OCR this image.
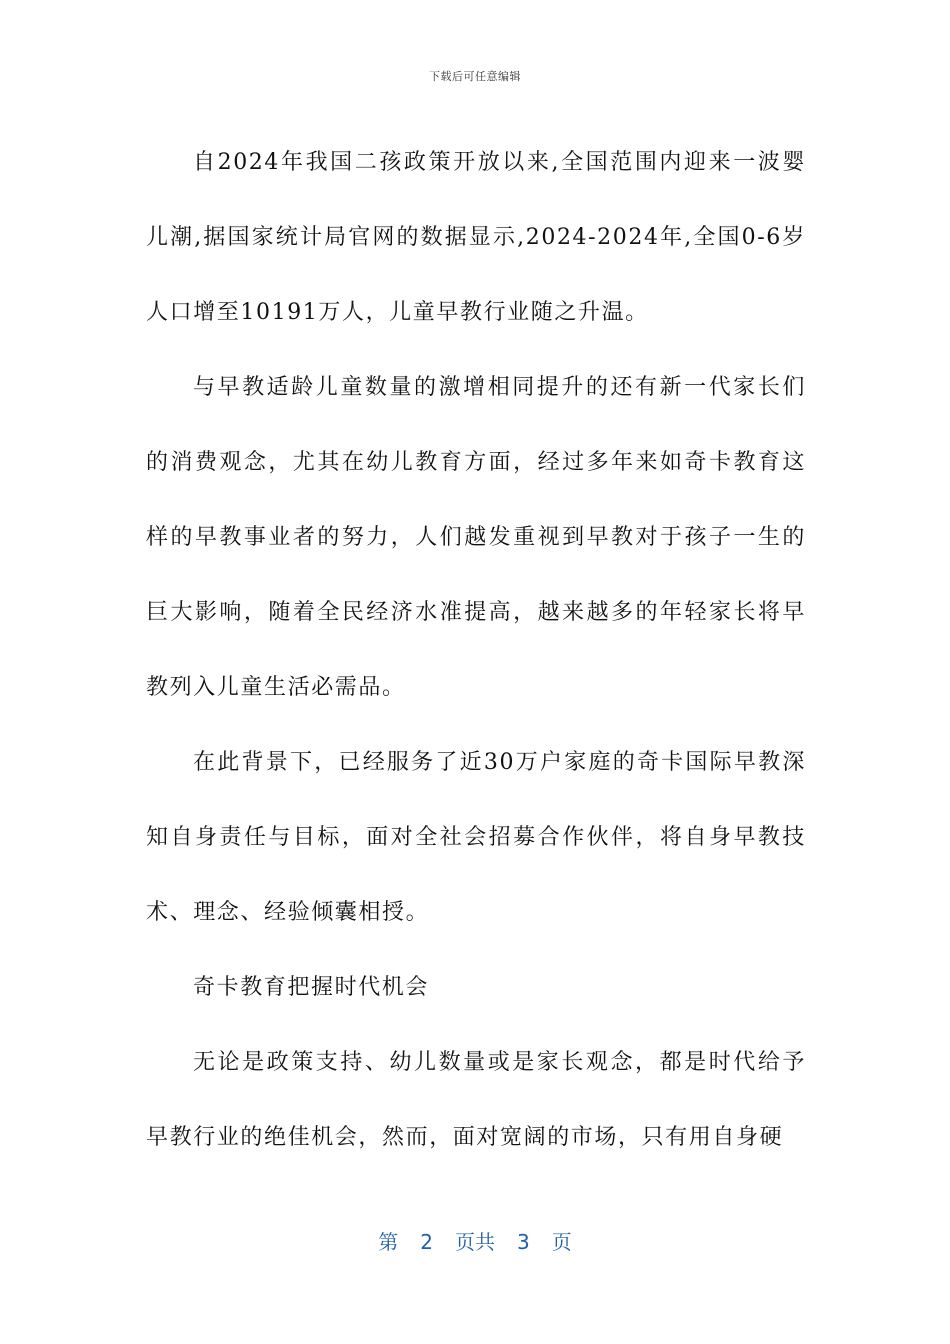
下载后可任意编辑

自2024年我国二孩政策开放以来,全国范围内迎来一波婴儿潮,据国家统计局官网的数据显示,2024-2024年,全国0-6岁人口增至10191万人，儿童早教行业随之升温。

与早教适龄儿童数量的激增相同提升的还有新一代家长们的消费观念，尤其在幼儿教育方面，经过多年来如奇卡教育这样的早教事业者的努力，人们越发重视到早教对于孩子一生的巨大影响，随着全民经济水准提高，越来越多的年轻家长将早教列入儿童生活必需品。

在此背景下，已经服务了近30万户家庭的奇卡国际早教深知自身责任与目标，面对全社会招募合作伙伴，将自身早教技术、理念、经验倾囊相授。

奇卡教育把握时代机会

无论是政策支持、幼儿数量或是家长观念，都是时代给予早教行业的绝佳机会，然而，面对宽阔的市场，只有用自身硬

第 2 页共 3 页
